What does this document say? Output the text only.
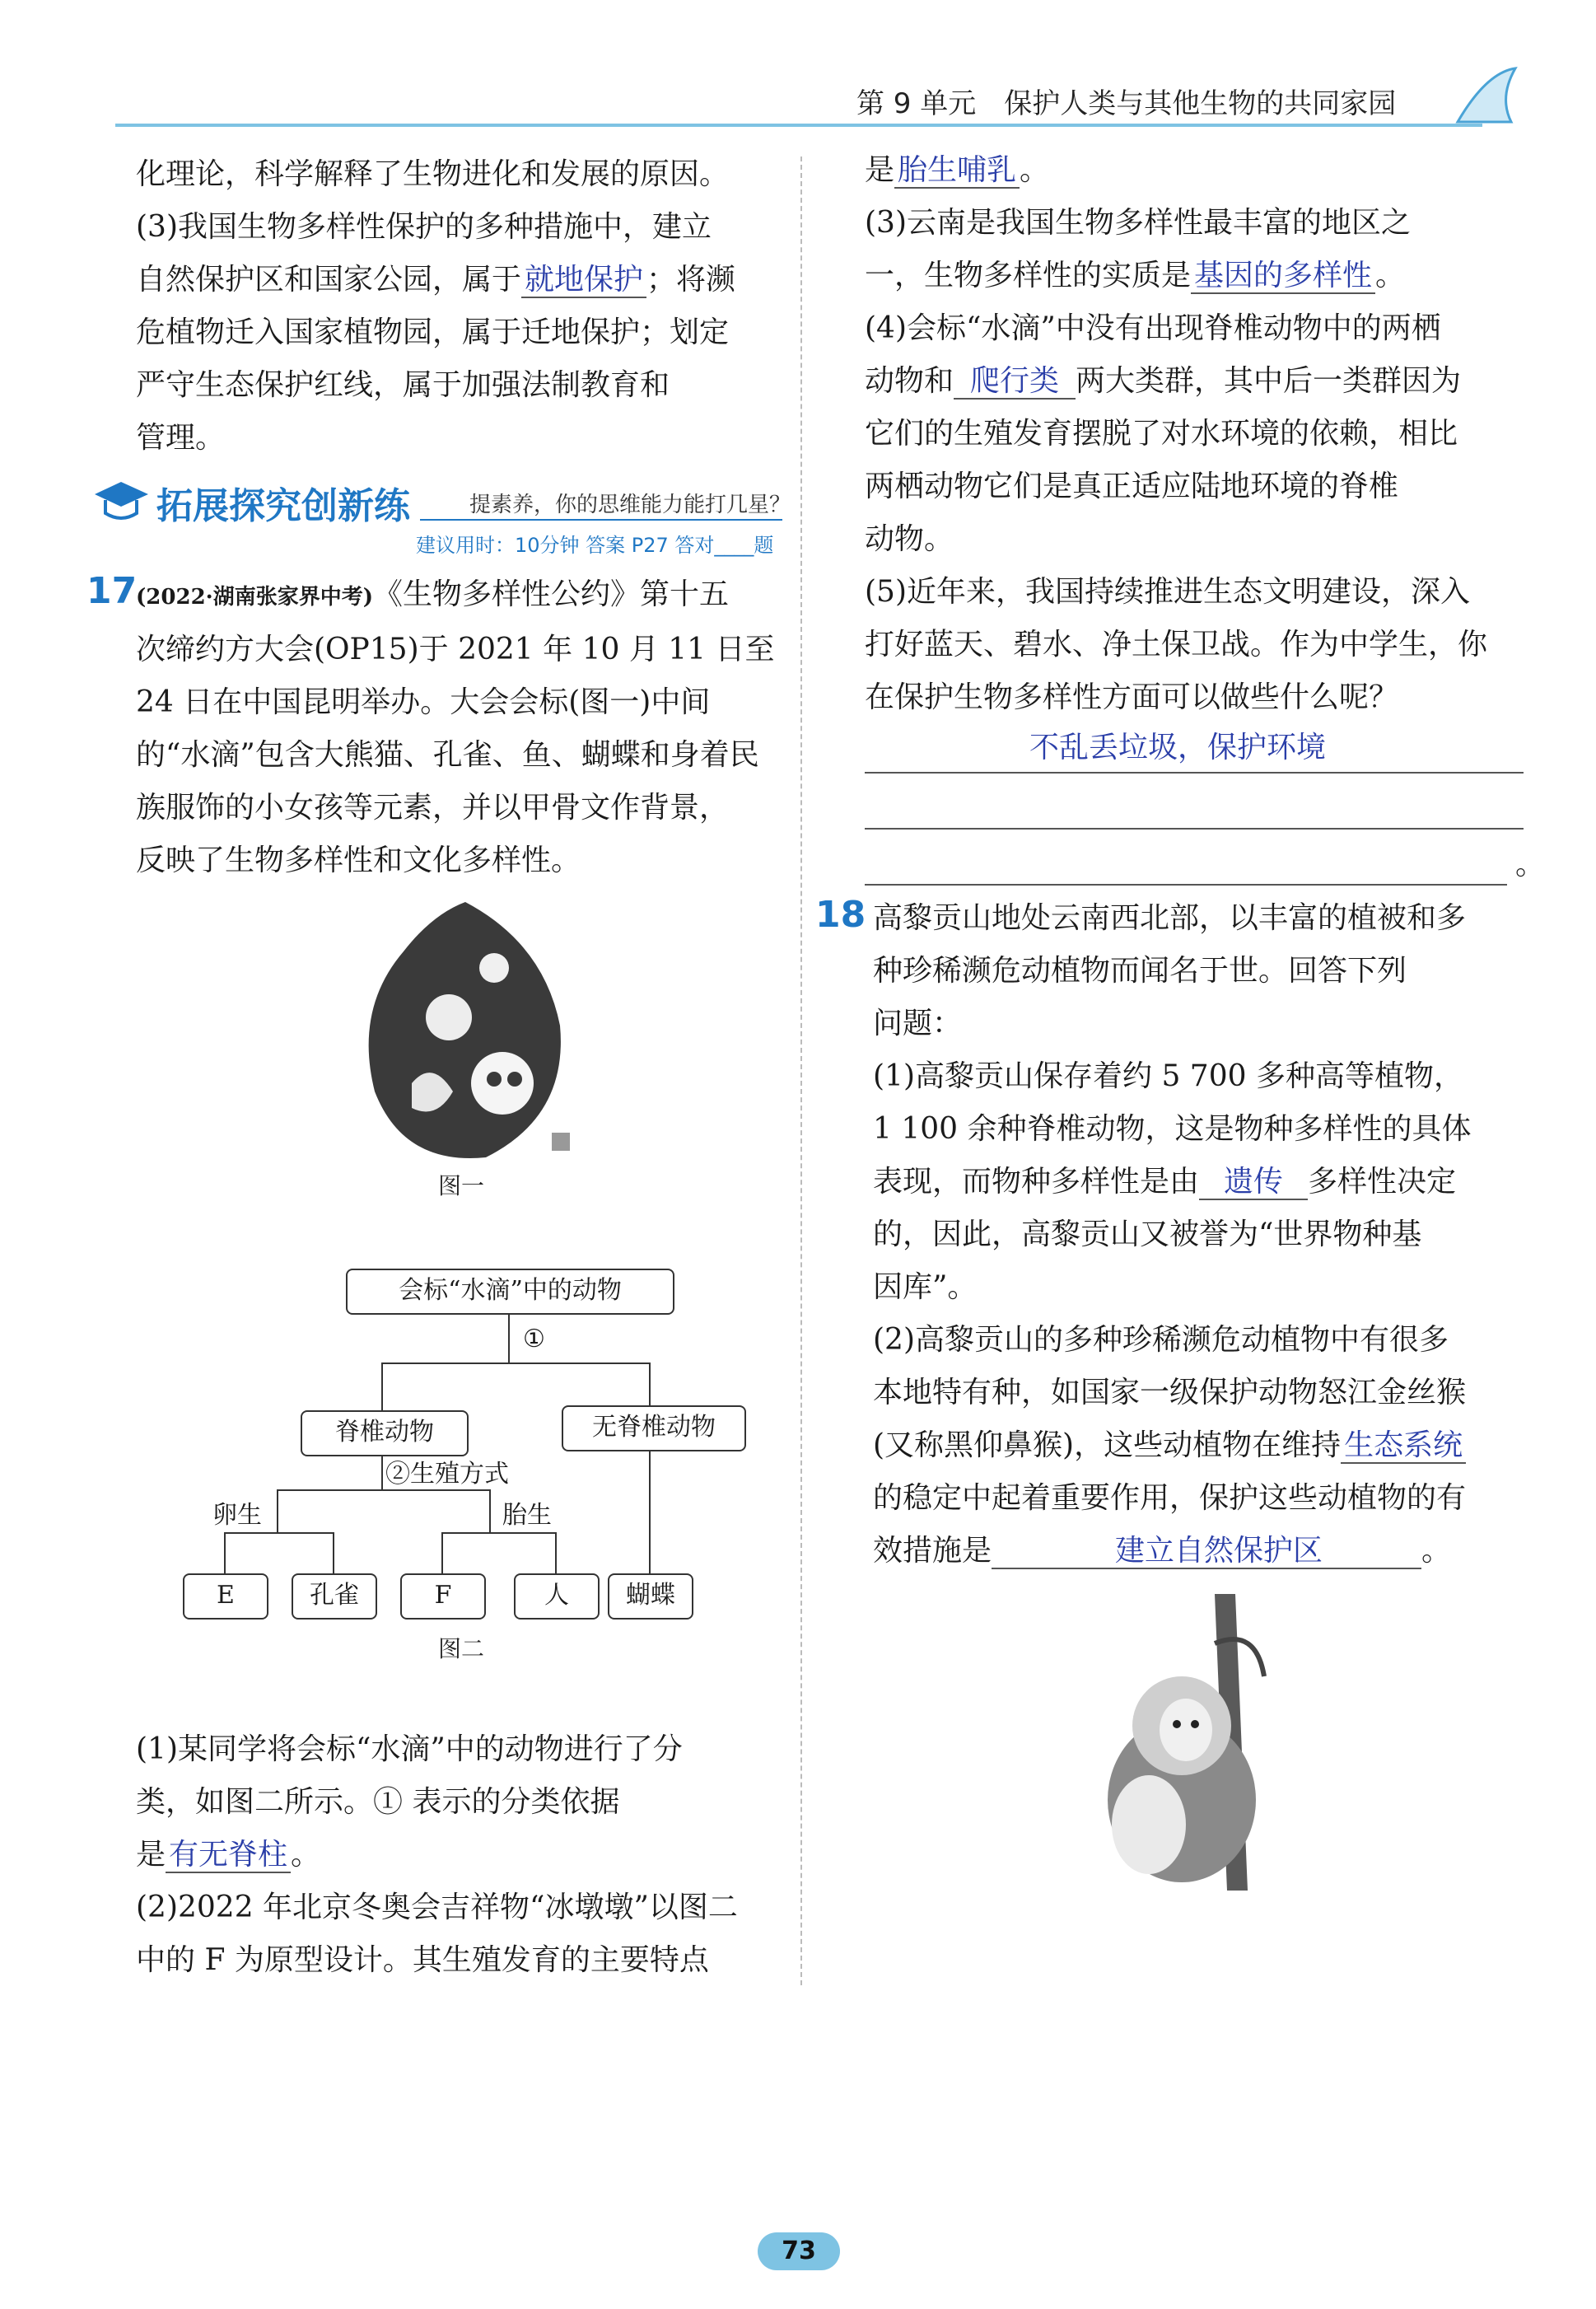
第 9 单元　保护人类与其他生物的共同家园

化理论，科学解释了生物进化和发展的原因。

(3)我国生物多样性保护的多种措施中，建立

自然保护区和国家公园，属于 就地保护 ；将濒

危植物迁入国家植物园，属于迁地保护；划定

严守生态保护红线，属于加强法制教育和

管理。

拓展探究创新练	提素养，你的思维能力能打几星？
建议用时：10分钟 答案 P27 答对____题
17

(2022·湖南张家界中考)《生物多样性公约》第十五

次缔约方大会(OP15)于 2021 年 10 月 11 日至

24 日在中国昆明举办。大会会标(图一)中间

的“水滴”包含大熊猫、孔雀、鱼、蝴蝶和身着民

族服饰的小女孩等元素，并以甲骨文作背景，

反映了生物多样性和文化多样性。

图一
会标“水滴”中的动物
①
脊椎动物	无脊椎动物
②生殖方式
卵生	胎生
E	孔雀	F	人	蝴蝶
图二

(1)某同学将会标“水滴”中的动物进行了分

类，如图二所示。① 表示的分类依据

是 有无脊柱 。

(2)2022 年北京冬奥会吉祥物“冰墩墩”以图二

中的 F 为原型设计。其生殖发育的主要特点

是 胎生哺乳 。

(3)云南是我国生物多样性最丰富的地区之

一，生物多样性的实质是 基因的多样性 。

(4)会标“水滴”中没有出现脊椎动物中的两栖

动物和 爬行类 两大类群，其中后一类群因为

它们的生殖发育摆脱了对水环境的依赖，相比

两栖动物它们是真正适应陆地环境的脊椎

动物。

(5)近年来，我国持续推进生态文明建设，深入

打好蓝天、碧水、净土保卫战。作为中学生，你

在保护生物多样性方面可以做些什么呢？

不乱丢垃圾，保护环境
。
18 高黎贡山地处云南西北部，以丰富的植被和多

种珍稀濒危动植物而闻名于世。回答下列

问题：

(1)高黎贡山保存着约 5 700 多种高等植物，

1 100 余种脊椎动物，这是物种多样性的具体

表现，而物种多样性是由 遗传 多样性决定

的，因此，高黎贡山又被誉为“世界物种基

因库”。

(2)高黎贡山的多种珍稀濒危动植物中有很多

本地特有种，如国家一级保护动物怒江金丝猴

(又称黑仰鼻猴)，这些动植物在维持 生态系统

的稳定中起着重要作用，保护这些动植物的有

效措施是	建立自然保护区	。

73
